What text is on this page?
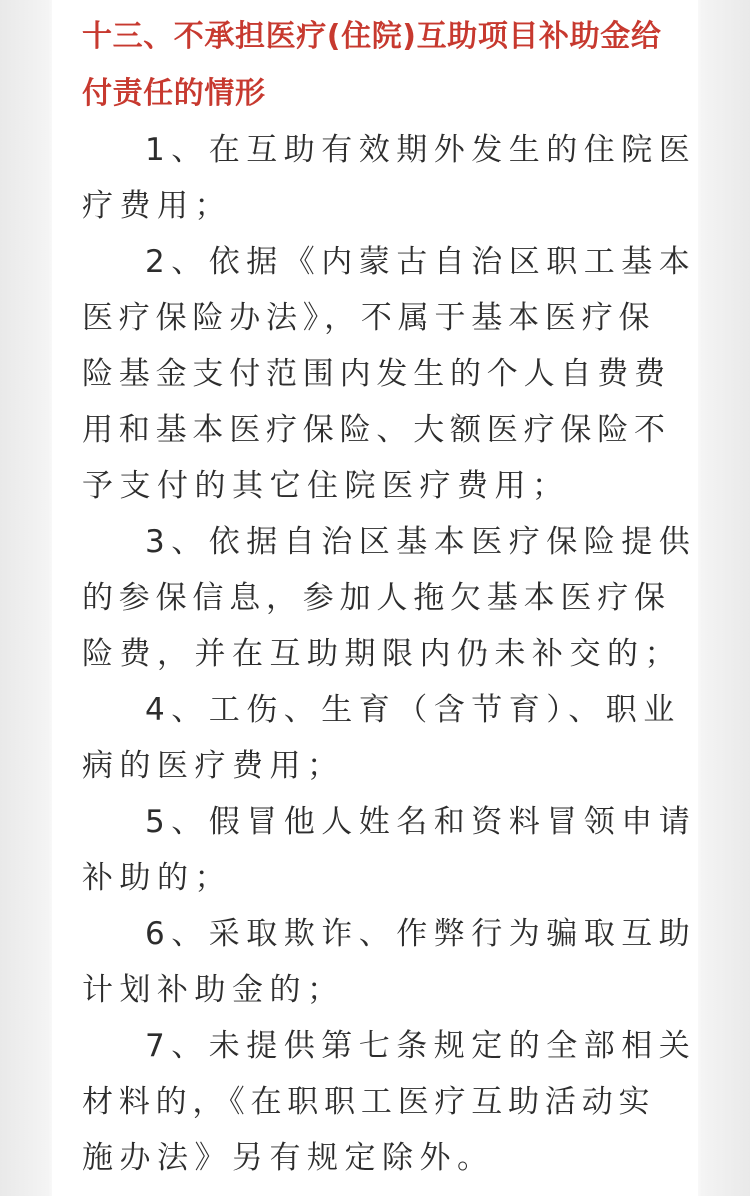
十三、不承担医疗(住院)互助项目补助金给付责任的情形
1、在互助有效期外发生的住院医
疗费用；
2、依据《内蒙古自治区职工基本
医疗保险办法》，不属于基本医疗保
险基金支付范围内发生的个人自费费
用和基本医疗保险、大额医疗保险不
予支付的其它住院医疗费用；
3、依据自治区基本医疗保险提供
的参保信息，参加人拖欠基本医疗保
险费，并在互助期限内仍未补交的；
4、工伤、生育（含节育）、职业
病的医疗费用；
5、假冒他人姓名和资料冒领申请
补助的；
6、采取欺诈、作弊行为骗取互助
计划补助金的；
7、未提供第七条规定的全部相关
材料的，《在职职工医疗互助活动实
施办法》另有规定除外。
